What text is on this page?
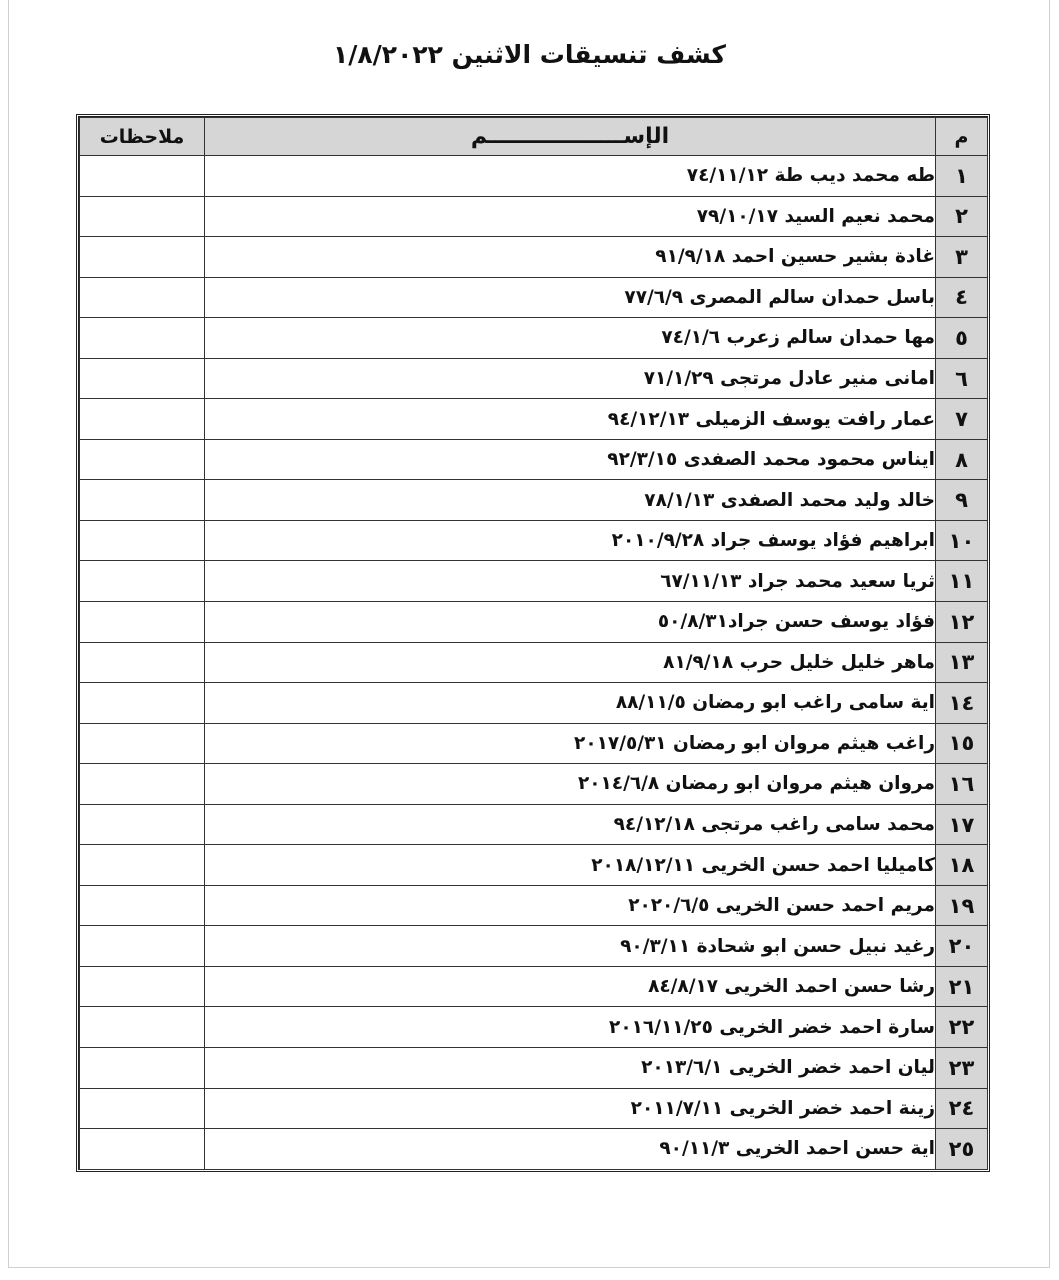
كشف تنسيقات الاثنين ١/٨/٢٠٢٢
م	الإســــــــــــــــــم	ملاحظات
١	طه محمد ديب طة ٧٤/١١/١٢	
٢	محمد نعيم السيد ٧٩/١٠/١٧	
٣	غادة بشير حسين احمد ٩١/٩/١٨	
٤	باسل حمدان سالم المصرى ٧٧/٦/٩	
٥	مها حمدان سالم زعرب ٧٤/١/٦	
٦	امانى منير عادل مرتجى ٧١/١/٢٩	
٧	عمار رافت يوسف الزميلى ٩٤/١٢/١٣	
٨	ايناس محمود محمد الصفدى ٩٢/٣/١٥	
٩	خالد وليد محمد الصفدى ٧٨/١/١٣	
١٠	ابراهيم فؤاد يوسف جراد ٢٠١٠/٩/٢٨	
١١	ثريا سعيد محمد جراد ٦٧/١١/١٣	
١٢	فؤاد يوسف حسن جراد٥٠/٨/٣١	
١٣	ماهر خليل خليل حرب ٨١/٩/١٨	
١٤	اية سامى راغب ابو رمضان ٨٨/١١/٥	
١٥	راغب هيثم مروان ابو رمضان ٢٠١٧/٥/٣١	
١٦	مروان هيثم مروان ابو رمضان ٢٠١٤/٦/٨	
١٧	محمد سامى راغب مرتجى ٩٤/١٢/١٨	
١٨	كاميليا احمد حسن الخريى ٢٠١٨/١٢/١١	
١٩	مريم احمد حسن الخريى ٢٠٢٠/٦/٥	
٢٠	رغيد نبيل حسن ابو شحادة ٩٠/٣/١١	
٢١	رشا حسن احمد الخريى ٨٤/٨/١٧	
٢٢	سارة احمد خضر الخريى ٢٠١٦/١١/٢٥	
٢٣	ليان احمد خضر الخريى ٢٠١٣/٦/١	
٢٤	زينة احمد خضر الخريى ٢٠١١/٧/١١	
٢٥	اية حسن احمد الخريى ٩٠/١١/٣	
